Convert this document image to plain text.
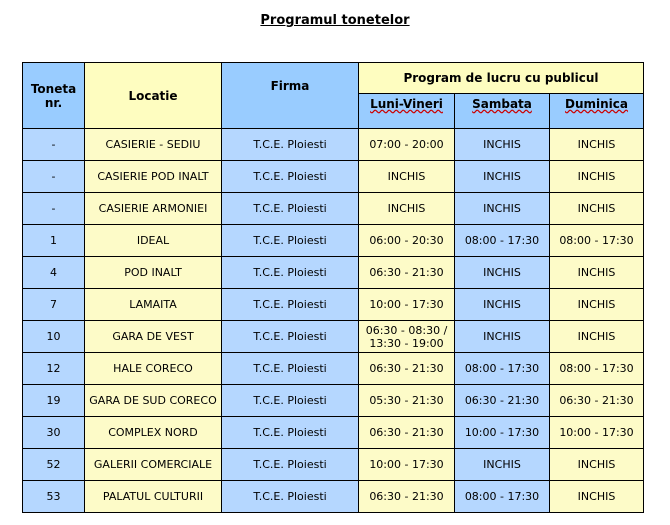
Programul tonetelor
Toneta nr.	Locatie	Firma	Program de lucru cu publicul		
			Luni-Vineri	Sambata	Duminica
-	CASIERIE - SEDIU	T.C.E. Ploiesti	07:00 - 20:00	INCHIS	INCHIS
-	CASIERIE POD INALT	T.C.E. Ploiesti	INCHIS	INCHIS	INCHIS
-	CASIERIE ARMONIEI	T.C.E. Ploiesti	INCHIS	INCHIS	INCHIS
1	IDEAL	T.C.E. Ploiesti	06:00 - 20:30	08:00 - 17:30	08:00 - 17:30
4	POD INALT	T.C.E. Ploiesti	06:30 - 21:30	INCHIS	INCHIS
7	LAMAITA	T.C.E. Ploiesti	10:00 - 17:30	INCHIS	INCHIS
10	GARA DE VEST	T.C.E. Ploiesti	06:30 - 08:30 / 13:30 - 19:00	INCHIS	INCHIS
12	HALE CORECO	T.C.E. Ploiesti	06:30 - 21:30	08:00 - 17:30	08:00 - 17:30
19	GARA DE SUD CORECO	T.C.E. Ploiesti	05:30 - 21:30	06:30 - 21:30	06:30 - 21:30
30	COMPLEX NORD	T.C.E. Ploiesti	06:30 - 21:30	10:00 - 17:30	10:00 - 17:30
52	GALERII COMERCIALE	T.C.E. Ploiesti	10:00 - 17:30	INCHIS	INCHIS
53	PALATUL CULTURII	T.C.E. Ploiesti	06:30 - 21:30	08:00 - 17:30	INCHIS
